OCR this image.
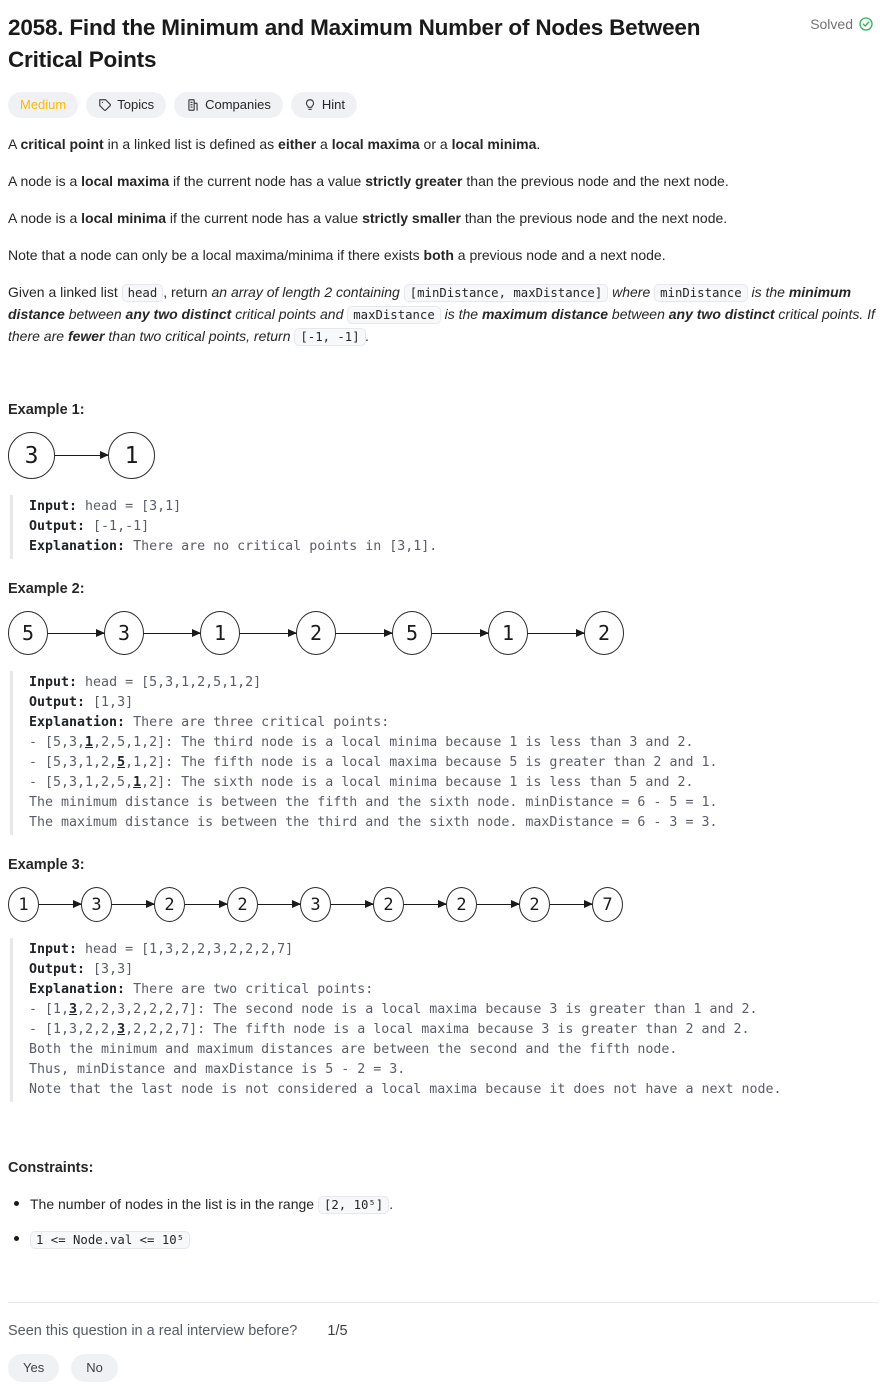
2058. Find the Minimum and Maximum Number of Nodes Between Critical Points
Solved
Medium	Topics	Companies	Hint

A critical point in a linked list is defined as either a local maxima or a local minima.

A node is a local maxima if the current node has a value strictly greater than the previous node and the next node.

A node is a local minima if the current node has a value strictly smaller than the previous node and the next node.

Note that a node can only be a local maxima/minima if there exists both a previous node and a next node.

Given a linked list head , return an array of length 2 containing [minDistance, maxDistance] where minDistance is the minimum distance between any two distinct critical points and maxDistance is the maximum distance between any two distinct critical points. If there are fewer than two critical points, return [-1, -1] .

Example 1:

3	1
Input: head = [3,1]
Output: [-1,-1]
Explanation: There are no critical points in [3,1].

Example 2:

5	3	1	2	5	1	2
Input: head = [5,3,1,2,5,1,2]
Output: [1,3]
Explanation: There are three critical points:
- [5,3,1,2,5,1,2]: The third node is a local minima because 1 is less than 3 and 2.
- [5,3,1,2,5,1,2]: The fifth node is a local maxima because 5 is greater than 2 and 1.
- [5,3,1,2,5,1,2]: The sixth node is a local minima because 1 is less than 5 and 2.
The minimum distance is between the fifth and the sixth node. minDistance = 6 - 5 = 1.
The maximum distance is between the third and the sixth node. maxDistance = 6 - 3 = 3.

Example 3:

1	3	2	2	3	2	2	2	7
Input: head = [1,3,2,2,3,2,2,2,7]
Output: [3,3]
Explanation: There are two critical points:
- [1,3,2,2,3,2,2,2,7]: The second node is a local maxima because 3 is greater than 1 and 2.
- [1,3,2,2,3,2,2,2,7]: The fifth node is a local maxima because 3 is greater than 2 and 2.
Both the minimum and maximum distances are between the second and the fifth node.
Thus, minDistance and maxDistance is 5 - 2 = 3.
Note that the last node is not considered a local maxima because it does not have a next node.

Constraints:

The number of nodes in the list is in the range [2, 10⁵] .
1 <= Node.val <= 10⁵
Seen this question in a real interview before? 1/5
Yes	No
